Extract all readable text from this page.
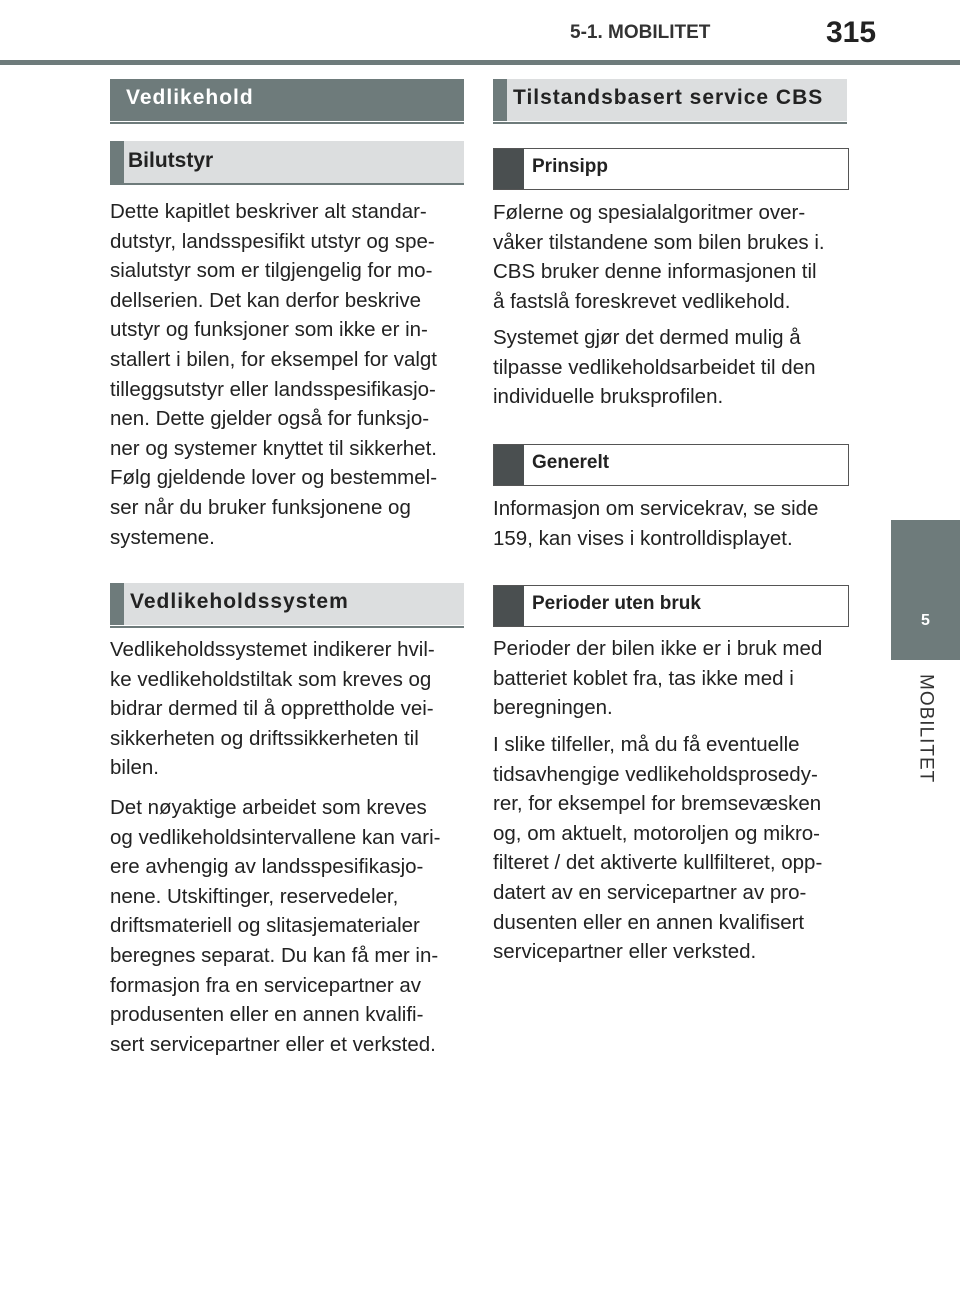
5-1. MOBILITET	315
5
MOBILITET
Vedlikehold
Bilutstyr

Dette kapitlet beskriver alt standar-
dutstyr, landsspesifikt utstyr og spe-
sialutstyr som er tilgjengelig for mo-
dellserien. Det kan derfor beskrive
utstyr og funksjoner som ikke er in-
stallert i bilen, for eksempel for valgt
tilleggsutstyr eller landsspesifikasjo-
nen. Dette gjelder også for funksjo-
ner og systemer knyttet til sikkerhet.
Følg gjeldende lover og bestemmel-
ser når du bruker funksjonene og
systemene.

Vedlikeholdssystem

Vedlikeholdssystemet indikerer hvil-
ke vedlikeholdstiltak som kreves og
bidrar dermed til å opprettholde vei-
sikkerheten og driftssikkerheten til
bilen.

Det nøyaktige arbeidet som kreves
og vedlikeholdsintervallene kan vari-
ere avhengig av landsspesifikasjo-
nene. Utskiftinger, reservedeler,
driftsmateriell og slitasjematerialer
beregnes separat. Du kan få mer in-
formasjon fra en servicepartner av
produsenten eller en annen kvalifi-
sert servicepartner eller et verksted.

Tilstandsbasert service CBS
Prinsipp

Følerne og spesialalgoritmer over-
våker tilstandene som bilen brukes i.
CBS bruker denne informasjonen til
å fastslå foreskrevet vedlikehold.

Systemet gjør det dermed mulig å
tilpasse vedlikeholdsarbeidet til den
individuelle bruksprofilen.

Generelt

Informasjon om servicekrav, se side
159, kan vises i kontrolldisplayet.

Perioder uten bruk

Perioder der bilen ikke er i bruk med
batteriet koblet fra, tas ikke med i
beregningen.

I slike tilfeller, må du få eventuelle
tidsavhengige vedlikeholdsprosedy-
rer, for eksempel for bremsevæsken
og, om aktuelt, motoroljen og mikro-
filteret / det aktiverte kullfilteret, opp-
datert av en servicepartner av pro-
dusenten eller en annen kvalifisert
servicepartner eller verksted.
